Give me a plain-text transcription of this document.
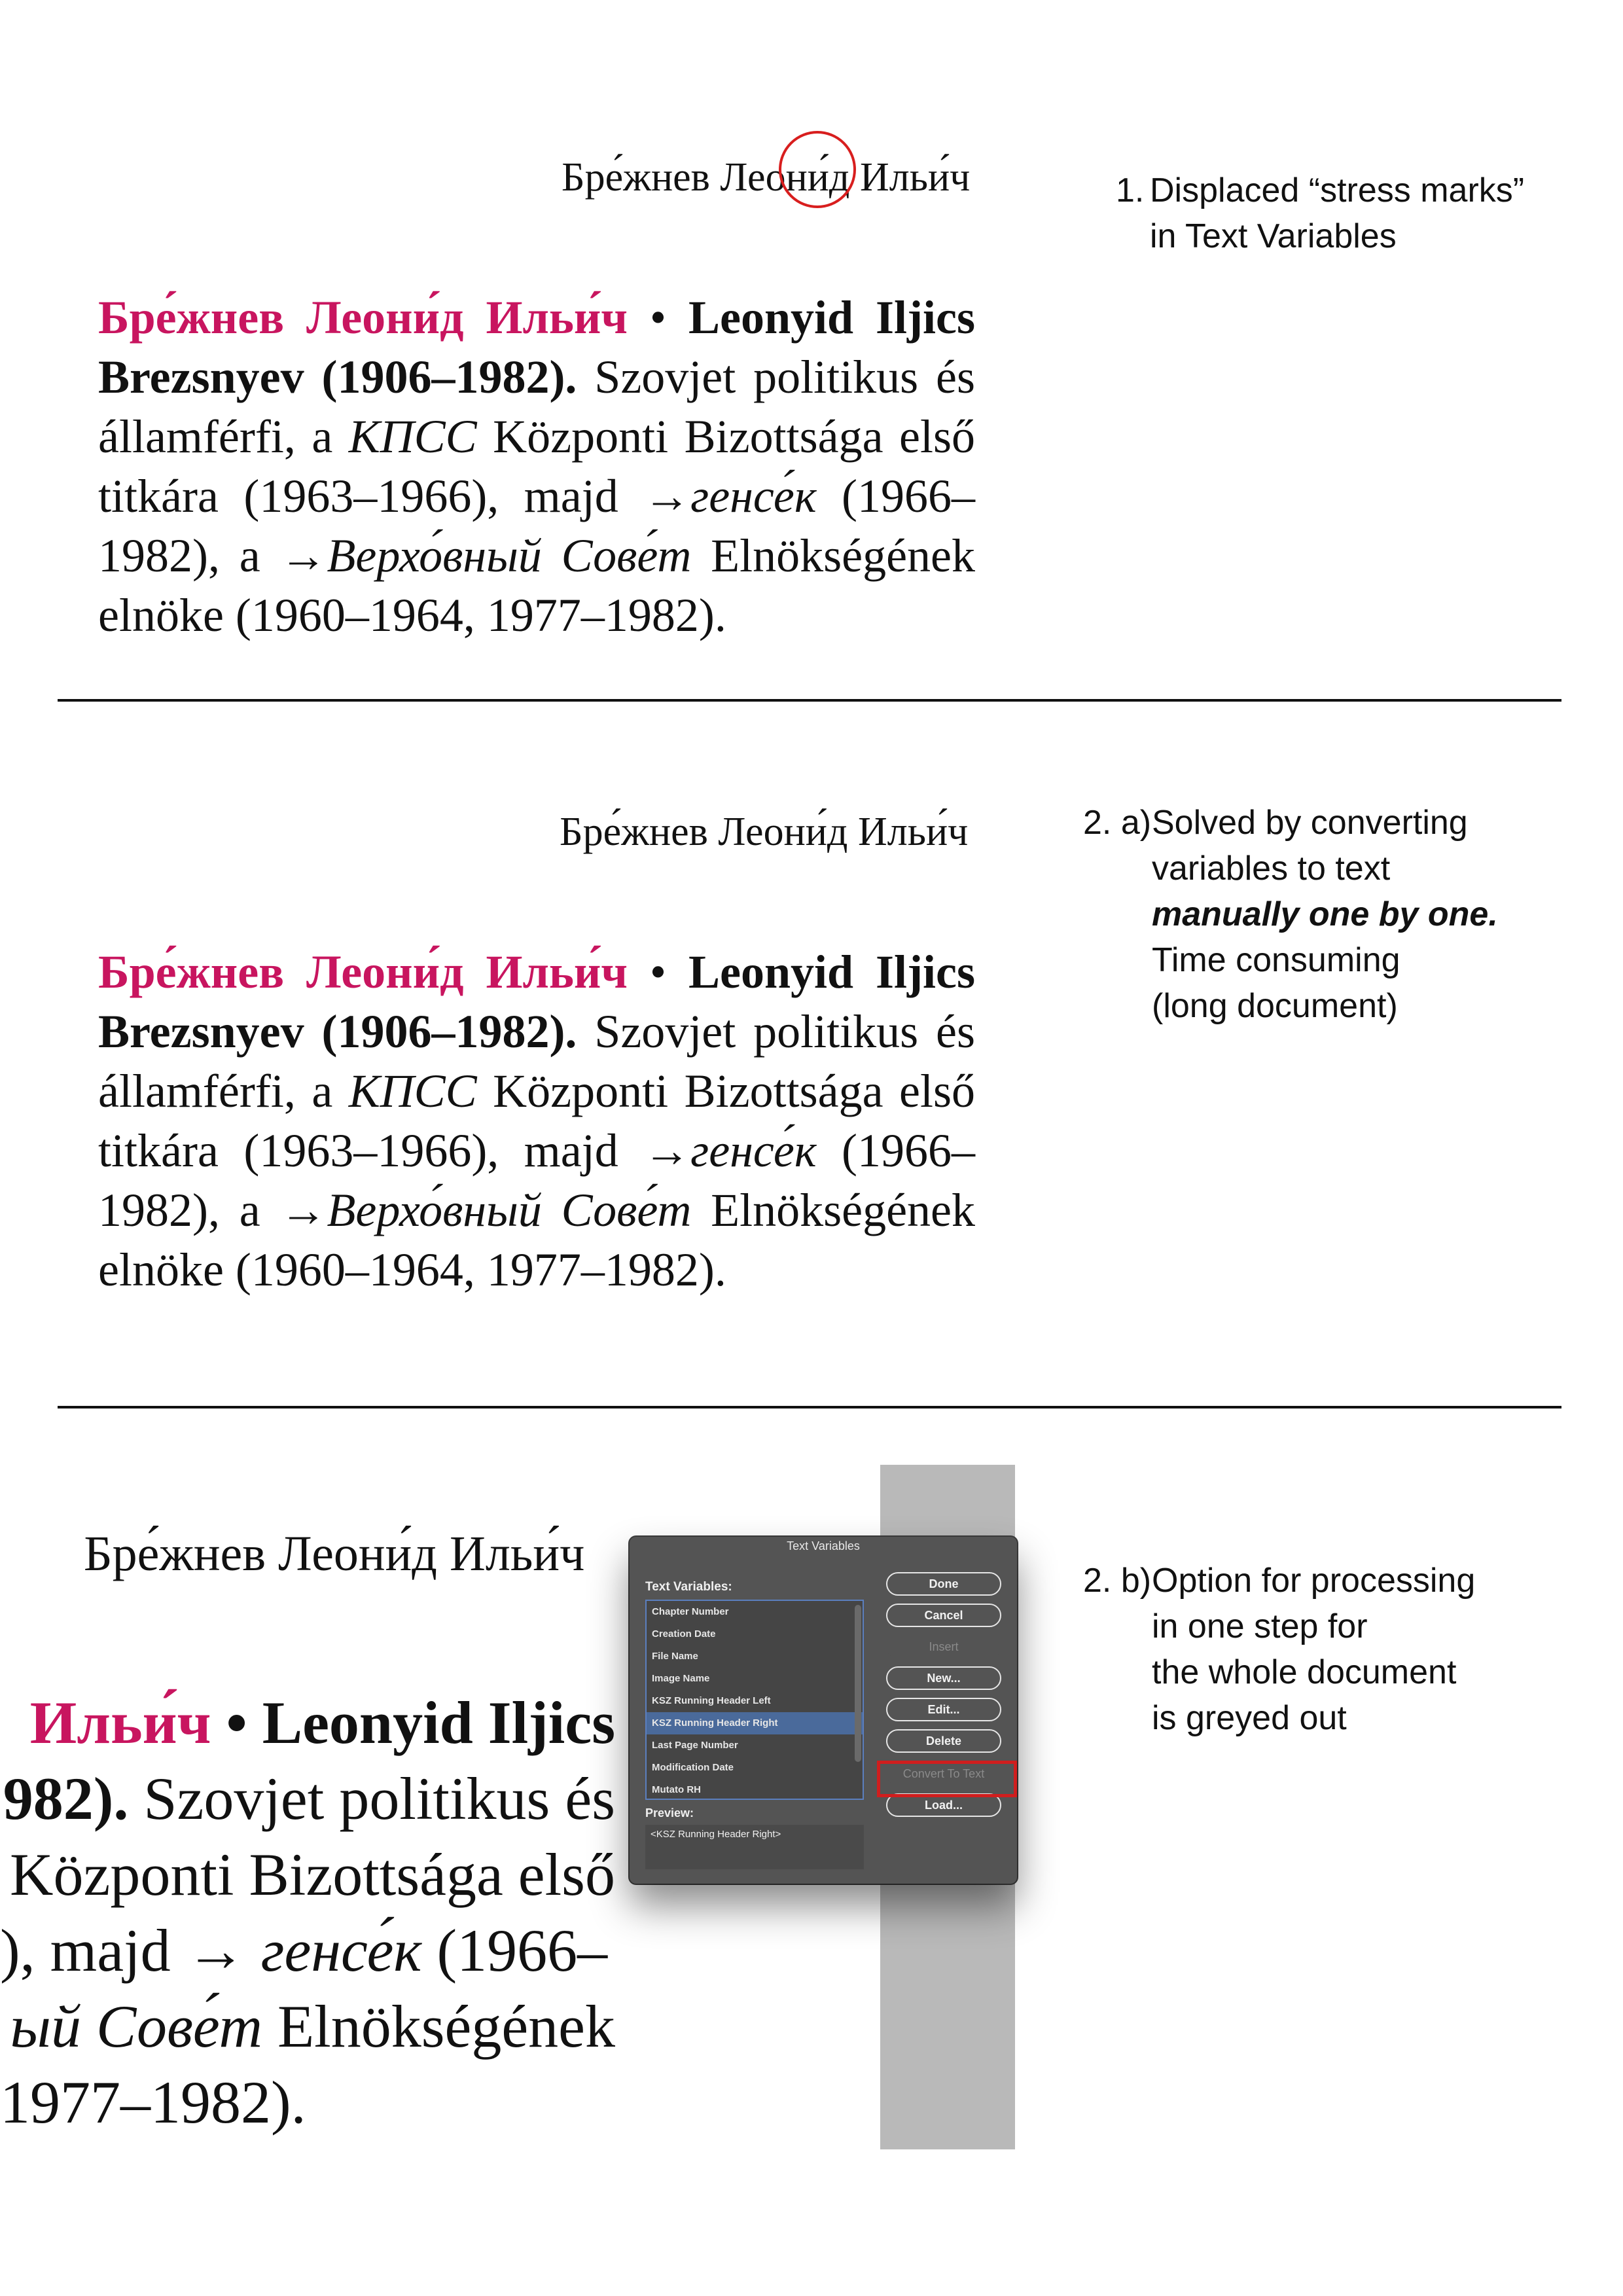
Бре́жнев Леони́д Ильи́ч
Бре́жнев Леони́д Ильи́ч • Leonyid Iljics Brezsnyev (1906–1982). Szovjet politikus és államférfi, a КПСС Központi Bizottsága első titkára (1963–1966), majd →генсе́к (1966–1982), a →Верхо́вный Сове́т Elnökségének elnöke (1960–1964, 1977–1982).
1. Displaced “stress marks”
in Text Variables
Бре́жнев Леони́д Ильи́ч
Бре́жнев Леони́д Ильи́ч • Leonyid Iljics Brezsnyev (1906–1982). Szovjet politikus és államférfi, a КПСС Központi Bizottsága első titkára (1963–1966), majd →генсе́к (1966–1982), a →Верхо́вный Сове́т Elnökségének elnöke (1960–1964, 1977–1982).
2. a) Solved by converting
variables to text
manually one by one.
Time consuming
(long document)
Бре́жнев Леони́д Ильи́ч
Ильи́ч • Leonyid Iljics
982). Szovjet politikus és
Központi Bizottsága első
), majd → генсе́к (1966–
ый Сове́т Elnökségének
1977–1982).
Text Variables
Text Variables:
Chapter Number
Creation Date
File Name
Image Name
KSZ Running Header Left
KSZ Running Header Right
Last Page Number
Modification Date
Mutato RH
Preview:
<KSZ Running Header Right>
Done
Cancel
Insert
New...
Edit...
Delete
Convert To Text
Load...
2. b) Option for processing
in one step for
the whole document
is greyed out
